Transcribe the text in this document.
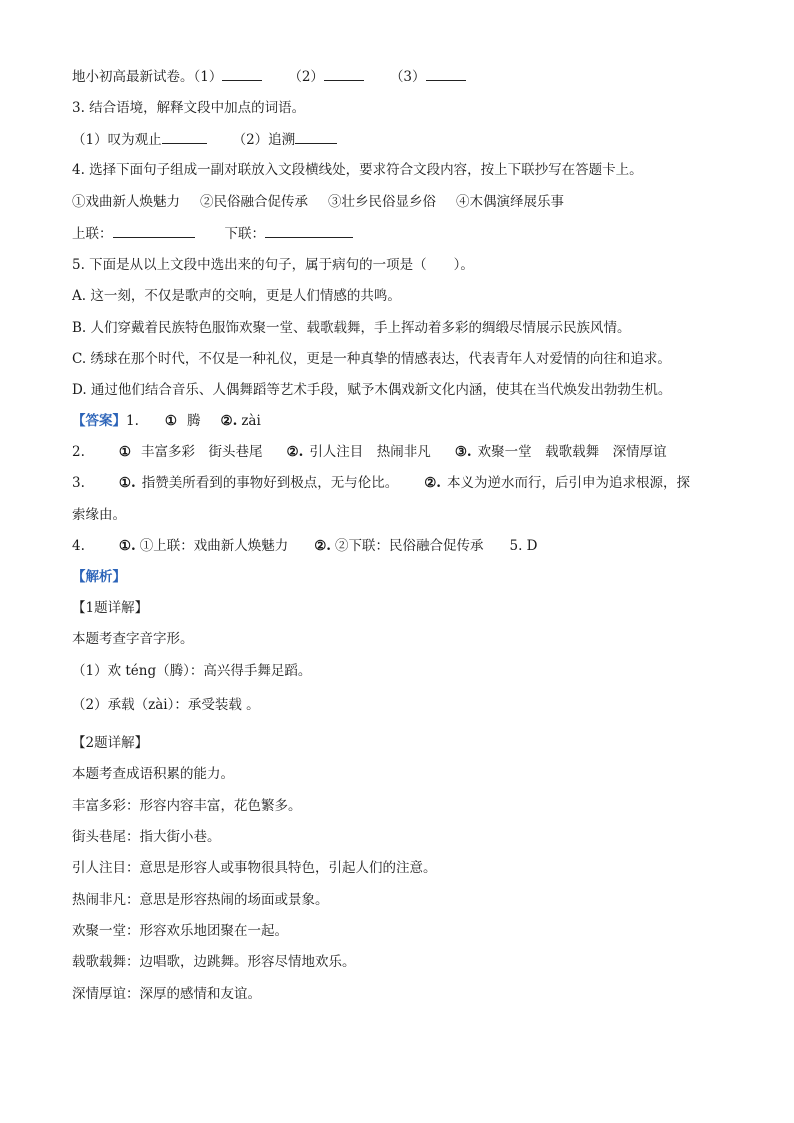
地小初高最新试卷。（1）	（2）	（3）
3. 结合语境，解释文段中加点的词语。
（1）叹为观止	（2）追溯
4. 选择下面句子组成一副对联放入文段横线处，要求符合文段内容，按上下联抄写在答题卡上。
①戏曲新人焕魅力 ②民俗融合促传承 ③壮乡民俗显乡俗 ④木偶演绎展乐事
上联：	下联：
5. 下面是从以上文段中选出来的句子，属于病句的一项是（　　）。
A. 这一刻，不仅是歌声的交响，更是人们情感的共鸣。
B. 人们穿戴着民族特色服饰欢聚一堂、载歌载舞，手上挥动着多彩的绸缎尽情展示民族风情。
C. 绣球在那个时代，不仅是一种礼仪，更是一种真挚的情感表达，代表青年人对爱情的向往和追求。
D. 通过他们结合音乐、人偶舞蹈等艺术手段，赋予木偶戏新文化内涵，使其在当代焕发出勃勃生机。
【答案】1. ① 腾 ②. zài
2.	① 丰富多彩　街头巷尾 ②. 引人注目　热闹非凡 ③. 欢聚一堂　载歌载舞　深情厚谊
3.	①. 指赞美所看到的事物好到极点，无与伦比。 ②. 本义为逆水而行，后引申为追求根源，探
索缘由。
4.	①. ①上联：戏曲新人焕魅力 ②. ②下联：民俗融合促传承 5. D
【解析】
【1题详解】
本题考查字音字形。
（1）欢 téng（腾）：高兴得手舞足蹈。
（2）承载（zài）：承受装载 。
【2题详解】
本题考查成语积累的能力。
丰富多彩：形容内容丰富，花色繁多。
街头巷尾：指大街小巷。
引人注目：意思是形容人或事物很具特色，引起人们的注意。
热闹非凡：意思是形容热闹的场面或景象。
欢聚一堂：形容欢乐地团聚在一起。
载歌载舞：边唱歌，边跳舞。形容尽情地欢乐。
深情厚谊：深厚的感情和友谊。
